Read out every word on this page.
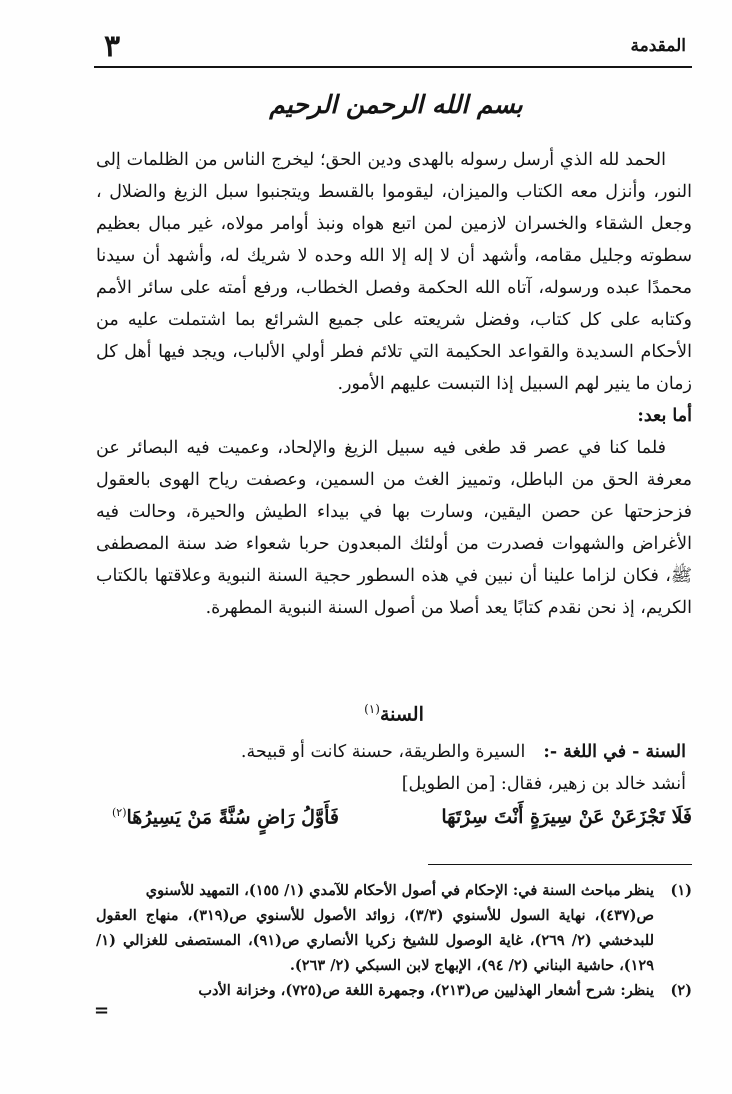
٣	المقدمة
بسم الله الرحمن الرحيم

الحمد لله الذي أرسل رسوله بالهدى ودين الحق؛ ليخرج الناس من الظلمات إلى النور، وأنزل معه الكتاب والميزان، ليقوموا بالقسط ويتجنبوا سبل الزيغ والضلال ، وجعل الشقاء والخسران لازمين لمن اتبع هواه ونبذ أوامر مولاه، غير مبال بعظيم سطوته وجليل مقامه، وأشهد أن لا إله إلا الله وحده لا شريك له، وأشهد أن سيدنا محمدًا عبده ورسوله، آتاه الله الحكمة وفصل الخطاب، ورفع أمته على سائر الأمم وكتابه على كل كتاب، وفضل شريعته على جميع الشرائع بما اشتملت عليه من الأحكام السديدة والقواعد الحكيمة التي تلائم فطر أولي الألباب، ويجد فيها أهل كل زمان ما ينير لهم السبيل إذا التبست عليهم الأمور.

أما بعد:

فلما كنا في عصر قد طغى فيه سبيل الزيغ والإلحاد، وعميت فيه البصائر عن معرفة الحق من الباطل، وتمييز الغث من السمين، وعصفت رياح الهوى بالعقول فزحزحتها عن حصن اليقين، وسارت بها في بيداء الطيش والحيرة، وحالت فيه الأغراض والشهوات فصدرت من أولئك المبعدون حربا شعواء ضد سنة المصطفى ﷺ، فكان لزاما علينا أن نبين في هذه السطور حجية السنة النبوية وعلاقتها بالكتاب الكريم، إذ نحن نقدم كتابًا يعد أصلا من أصول السنة النبوية المطهرة.

السنة$^{(١)}$
السنة - في اللغة -: السيرة والطريقة، حسنة كانت أو قبيحة.
أنشد خالد بن زهير، فقال: [من الطويل]
فَلَا تَجْزَعَنْ عَنْ سِيرَةٍ أَنْتَ سِرْتَهَا
فَأَوَّلُ رَاضٍ سُنَّةً مَنْ يَسِيرُهَا$^{(٢)}$

(١)ينظر مباحث السنة في: الإحكام في أصول الأحكام للآمدي (١/ ١٥٥)، التمهيد للأسنوي

ص(٤٣٧)، نهاية السول للأسنوي (٣/٣)، زوائد الأصول للأسنوي ص(٣١٩)، منهاج العقول للبدخشي (٢/ ٢٦٩)، غاية الوصول للشيخ زكريا الأنصاري ص(٩١)، المستصفى للغزالي (١/ ١٢٩)، حاشية البناني (٢/ ٩٤)، الإبهاج لابن السبكي (٢/ ٢٦٣).

(٢)ينظر: شرح أشعار الهذليين ص(٢١٣)، وجمهرة اللغة ص(٧٢٥)، وخزانة الأدب

=
